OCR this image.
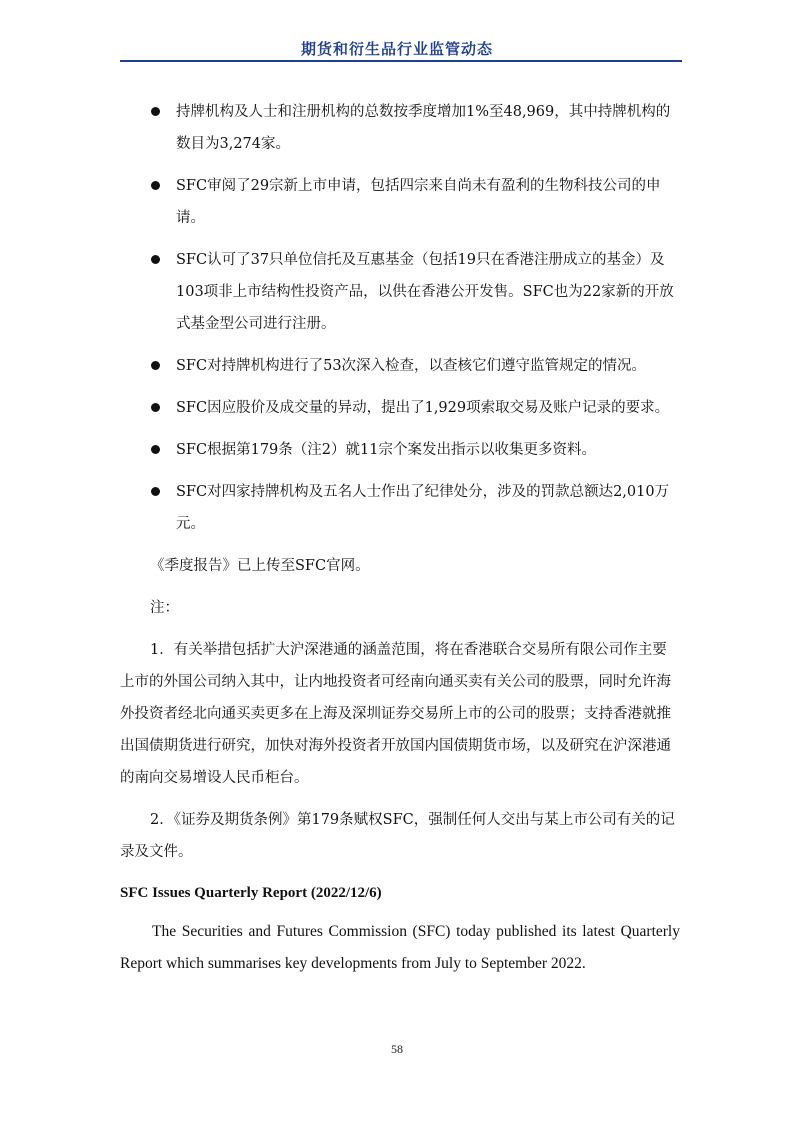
期货和衍生品行业监管动态
持牌机构及人士和注册机构的总数按季度增加1%至48,969，其中持牌机构的数目为3,274家。
SFC审阅了29宗新上市申请，包括四宗来自尚未有盈利的生物科技公司的申请。
SFC认可了37只单位信托及互惠基金（包括19只在香港注册成立的基金）及103项非上市结构性投资产品，以供在香港公开发售。SFC也为22家新的开放式基金型公司进行注册。
SFC对持牌机构进行了53次深入检查，以查核它们遵守监管规定的情况。
SFC因应股价及成交量的异动，提出了1,929项索取交易及账户记录的要求。
SFC根据第179条（注2）就11宗个案发出指示以收集更多资料。
SFC对四家持牌机构及五名人士作出了纪律处分，涉及的罚款总额达2,010万元。
《季度报告》已上传至SFC官网。
注：
1．有关举措包括扩大沪深港通的涵盖范围，将在香港联合交易所有限公司作主要上市的外国公司纳入其中，让内地投资者可经南向通买卖有关公司的股票，同时允许海外投资者经北向通买卖更多在上海及深圳证券交易所上市的公司的股票；支持香港就推出国债期货进行研究，加快对海外投资者开放国内国债期货市场，以及研究在沪深港通的南向交易增设人民币柜台。
2．《证券及期货条例》第179条赋权SFC，强制任何人交出与某上市公司有关的记录及文件。
SFC Issues Quarterly Report (2022/12/6)
The Securities and Futures Commission (SFC) today published its latest Quarterly Report which summarises key developments from July to September 2022.
58
